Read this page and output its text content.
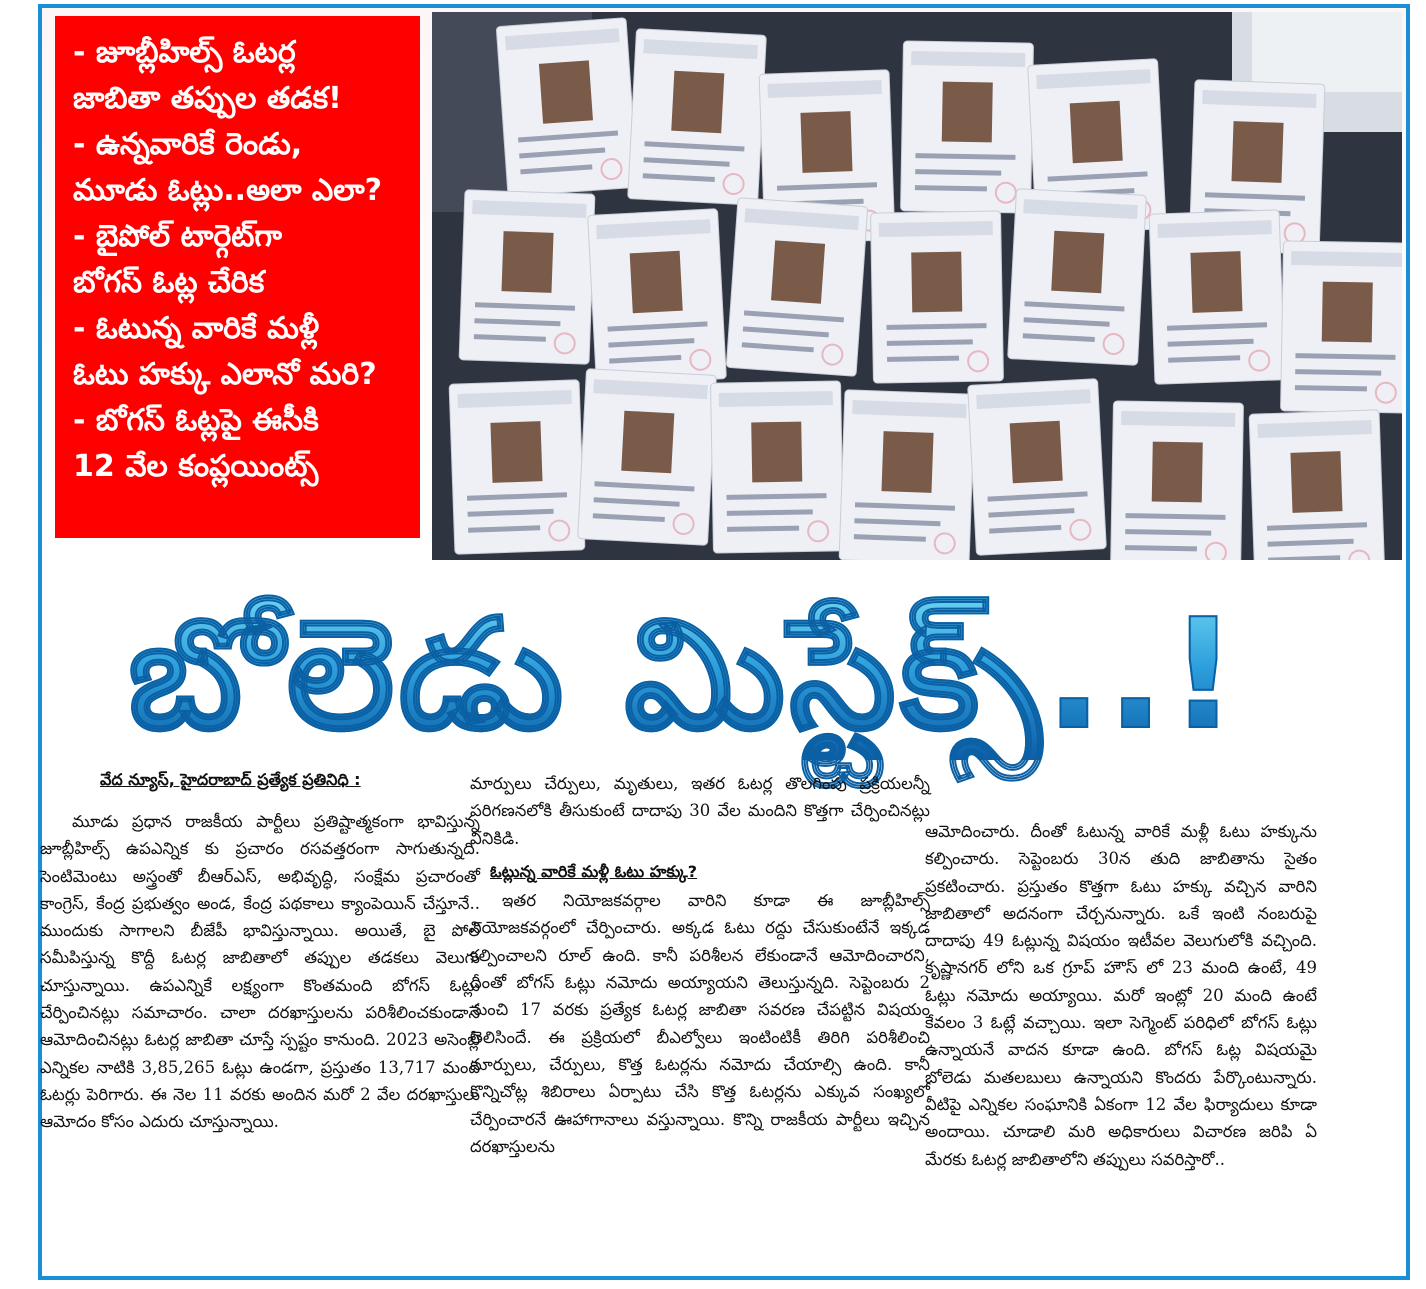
- జూబ్లీహిల్స్ ఓటర్ల

జాబితా తప్పుల తడక!

- ఉన్నవారికే రెండు,

మూడు ఓట్లు..అలా ఎలా?

- బైపోల్ టార్గెట్‌గా

బోగస్ ఓట్ల చేరిక

- ఓటున్న వారికే మళ్లీ

ఓటు హక్కు ఎలానో మరి?

- బోగస్ ఓట్లపై ఈసీకి

12 వేల కంప్లయింట్స్

బోలెడు మిస్టేక్స్..!
వేద న్యూస్, హైదరాబాద్ ప్రత్యేక ప్రతినిధి :

మూడు ప్రధాన రాజకీయ పార్టీలు ప్రతిష్టాత్మకంగా భావిస్తున్న జూబ్లీహిల్స్ ఉపఎన్నిక కు ప్రచారం రసవత్తరంగా సాగుతున్నది. సెంటిమెంటు అస్త్రంతో బీఆర్ఎస్, అభివృద్ధి, సంక్షేమ ప్రచారంతో కాంగ్రెస్, కేంద్ర ప్రభుత్వం అండ, కేంద్ర పథకాలు క్యాంపెయిన్ చేస్తూనే.. ముందుకు సాగాలని బీజేపీ భావిస్తున్నాయి. అయితే, బై పోల్ సమీపిస్తున్న కొద్దీ ఓటర్ల జాబితాలో తప్పుల తడకలు వెలుగు చూస్తున్నాయి. ఉపఎన్నికే లక్ష్యంగా కొంతమంది బోగస్ ఓట్లు చేర్పించినట్లు సమాచారం. చాలా దరఖాస్తులను పరిశీలించకుండానే ఆమోదించినట్లు ఓటర్ల జాబితా చూస్తే స్పష్టం కానుంది. 2023 అసెంబ్లీ ఎన్నికల నాటికి 3,85,265 ఓట్లు ఉండగా, ప్రస్తుతం 13,717 మంది ఓటర్లు పెరిగారు. ఈ నెల 11 వరకు అందిన మరో 2 వేల దరఖాస్తులు ఆమోదం కోసం ఎదురు చూస్తున్నాయి.

మార్పులు చేర్పులు, మృతులు, ఇతర ఓటర్ల తొలగింపు ప్రక్రియలన్నీ పరిగణనలోకి తీసుకుంటే దాదాపు 30 వేల మందిని కొత్తగా చేర్పించినట్లు వినికిడి.

ఓట్లున్న వారికే మళ్లీ ఓటు హక్కు?

ఇతర నియోజకవర్గాల వారిని కూడా ఈ జూబ్లీహిల్స్ నియోజకవర్గంలో చేర్పించారు. అక్కడ ఓటు రద్దు చేసుకుంటేనే ఇక్కడ కల్పించాలని రూల్ ఉంది. కానీ పరిశీలన లేకుండానే ఆమోదించారని, దీంతో బోగస్ ఓట్లు నమోదు అయ్యాయని తెలుస్తున్నది. సెప్టెంబరు 2 నుంచి 17 వరకు ప్రత్యేక ఓటర్ల జాబితా సవరణ చేపట్టిన విషయం తెలిసిందే. ఈ ప్రక్రియలో బీఎల్వోలు ఇంటింటికీ తిరిగి పరిశీలించి మార్పులు, చేర్పులు, కొత్త ఓటర్లను నమోదు చేయాల్సి ఉంది. కానీ కొన్నిచోట్ల శిబిరాలు ఏర్పాటు చేసి కొత్త ఓటర్లను ఎక్కువ సంఖ్యలో చేర్పించారనే ఊహాగానాలు వస్తున్నాయి. కొన్ని రాజకీయ పార్టీలు ఇచ్చిన దరఖాస్తులను

ఆమోదించారు. దీంతో ఓటున్న వారికే మళ్లీ ఓటు హక్కును కల్పించారు. సెప్టెంబరు 30న తుది జాబితాను సైతం ప్రకటించారు. ప్రస్తుతం కొత్తగా ఓటు హక్కు వచ్చిన వారిని జాబితాలో అదనంగా చేర్చనున్నారు. ఒకే ఇంటి నంబరుపై దాదాపు 49 ఓట్లున్న విషయం ఇటీవల వెలుగులోకి వచ్చింది. కృష్ణానగర్ లోని ఒక గ్రూప్ హౌస్ లో 23 మంది ఉంటే, 49 ఓట్లు నమోదు అయ్యాయి. మరో ఇంట్లో 20 మంది ఉంటే కేవలం 3 ఓట్లే వచ్చాయి. ఇలా సెగ్మెంట్ పరిధిలో బోగస్ ఓట్లు ఉన్నాయనే వాదన కూడా ఉంది. బోగస్ ఓట్ల విషయమై బోలెడు మతలబులు ఉన్నాయని కొందరు పేర్కొంటున్నారు. వీటిపై ఎన్నికల సంఘానికి ఏకంగా 12 వేల ఫిర్యాదులు కూడా అందాయి. చూడాలి మరి అధికారులు విచారణ జరిపి ఏ మేరకు ఓటర్ల జాబితాలోని తప్పులు సవరిస్తారో..
